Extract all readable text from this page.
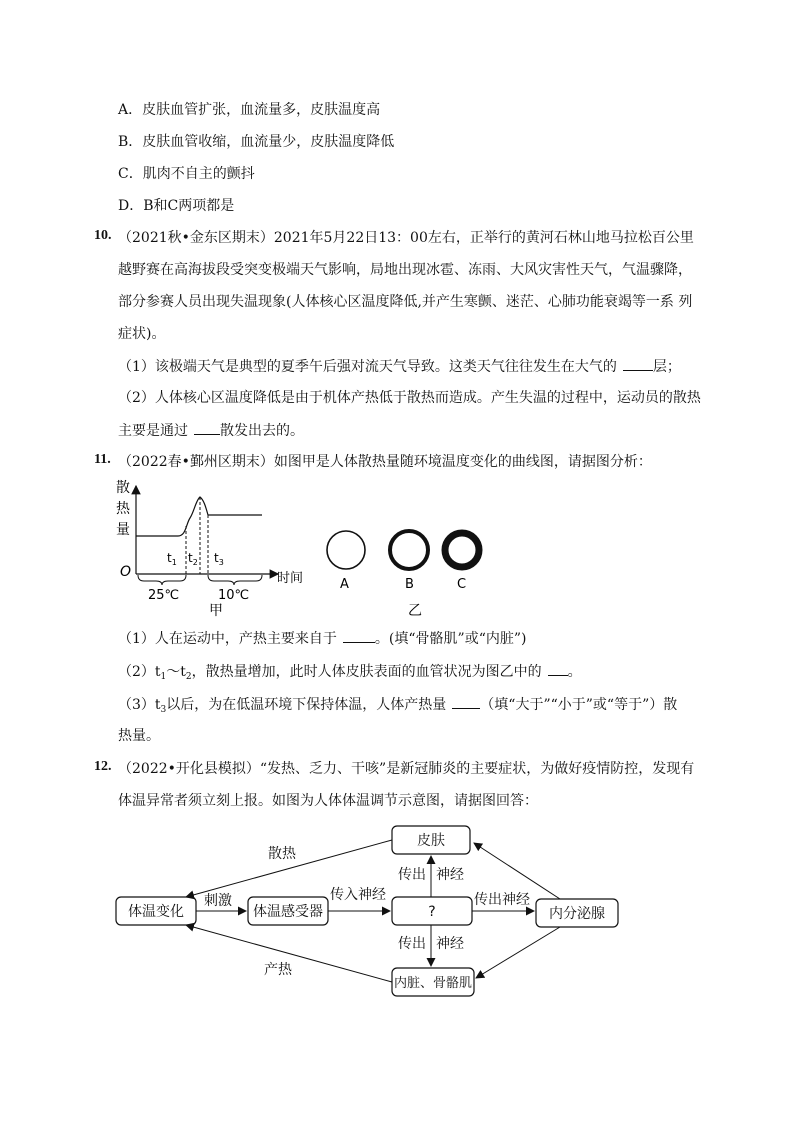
A．皮肤血管扩张，血流量多，皮肤温度高
B．皮肤血管收缩，血流量少，皮肤温度降低
C．肌肉不自主的颤抖
D．B和C两项都是
10. （2021秋•金东区期末）2021年5月22日13：00左右，正举行的黄河石林山地马拉松百公里
越野赛在高海拔段受突变极端天气影响，局地出现冰雹、冻雨、大风灾害性天气，气温骤降，
部分参赛人员出现失温现象(人体核心区温度降低,并产生寒颤、迷茫、心肺功能衰竭等一系 列
症状)。
（1）该极端天气是典型的夏季午后强对流天气导致。这类天气往往发生在大气的	层；
（2）人体核心区温度降低是由于机体产热低于散热而造成。产生失温的过程中，运动员的散热
主要是通过 散发出去的。
11. （2022春•鄞州区期末）如图甲是人体散热量随环境温度变化的曲线图，请据图分析：
散
热
量
O	时间
$t_1$ $t_2$ $t_3$
25℃	10℃
甲
A	B	C
乙
（1）人在运动中，产热主要来自于	。(填“骨骼肌”或“内脏”)
$(2)t_1\sim t_2$，散热量增加，此时人体皮肤表面的血管状况为图乙中的 。
$(3)t_3$以后，为在低温环境下保持体温，人体产热量 （填“大于”“小于”或“等于”）散
热量。
12. （2022•开化县模拟）“发热、乏力、干咳”是新冠肺炎的主要症状，为做好疫情防控，发现有
体温异常者须立刻上报。如图为人体体温调节示意图，请据图回答：
皮肤
体温变化	体温感受器	?	内分泌腺
内脏、骨骼肌
散热
刺激	传入神经
传出 神经
传出神经
传出 神经
产热
